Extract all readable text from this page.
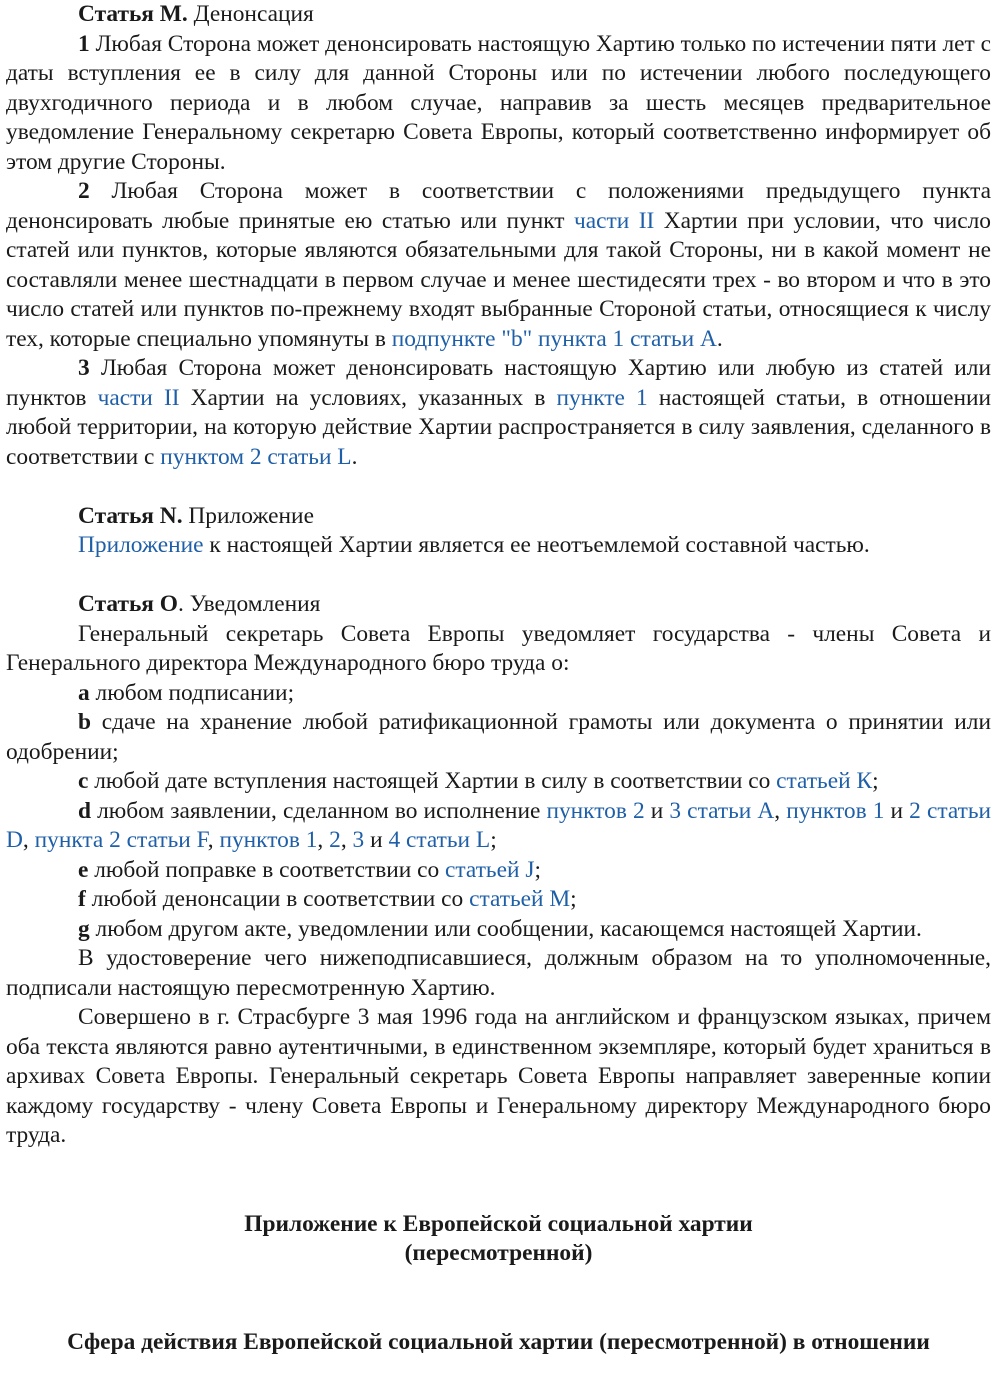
Статья М. Денонсация

1 Любая Сторона может денонсировать настоящую Хартию только по истечении пяти лет с даты вступления ее в силу для данной Стороны или по истечении любого последующего двухгодичного периода и в любом случае, направив за шесть месяцев предварительное уведомление Генеральному секретарю Совета Европы, который соответственно информирует об этом другие Стороны.

2 Любая Сторона может в соответствии с положениями предыдущего пункта денонсировать любые принятые ею статью или пункт части II Хартии при условии, что число статей или пунктов, которые являются обязательными для такой Стороны, ни в какой момент не составляли менее шестнадцати в первом случае и менее шестидесяти трех - во втором и что в это число статей или пунктов по-прежнему входят выбранные Стороной статьи, относящиеся к числу тех, которые специально упомянуты в подпункте "b" пункта 1 статьи А.

3 Любая Сторона может денонсировать настоящую Хартию или любую из статей или пунктов части II Хартии на условиях, указанных в пункте 1 настоящей статьи, в отношении любой территории, на которую действие Хартии распространяется в силу заявления, сделанного в соответствии с пунктом 2 статьи L.

Статья N. Приложение

Приложение к настоящей Хартии является ее неотъемлемой составной частью.

Статья О. Уведомления

Генеральный секретарь Совета Европы уведомляет государства - члены Совета и Генерального директора Международного бюро труда о:

а любом подписании;

b сдаче на хранение любой ратификационной грамоты или документа о принятии или одобрении;

с любой дате вступления настоящей Хартии в силу в соответствии со статьей К;

d любом заявлении, сделанном во исполнение пунктов 2 и 3 статьи А, пунктов 1 и 2 статьи D, пункта 2 статьи F, пунктов 1, 2, 3 и 4 статьи L;

е любой поправке в соответствии со статьей J;

f любой денонсации в соответствии со статьей М;

g любом другом акте, уведомлении или сообщении, касающемся настоящей Хартии.

В удостоверение чего нижеподписавшиеся, должным образом на то уполномоченные, подписали настоящую пересмотренную Хартию.

Совершено в г. Страсбурге 3 мая 1996 года на английском и французском языках, причем оба текста являются равно аутентичными, в единственном экземпляре, который будет храниться в архивах Совета Европы. Генеральный секретарь Совета Европы направляет заверенные копии каждому государству - члену Совета Европы и Генеральному директору Международного бюро труда.

Приложение к Европейской социальной хартии
(пересмотренной)

Сфера действия Европейской социальной хартии (пересмотренной) в отношении
